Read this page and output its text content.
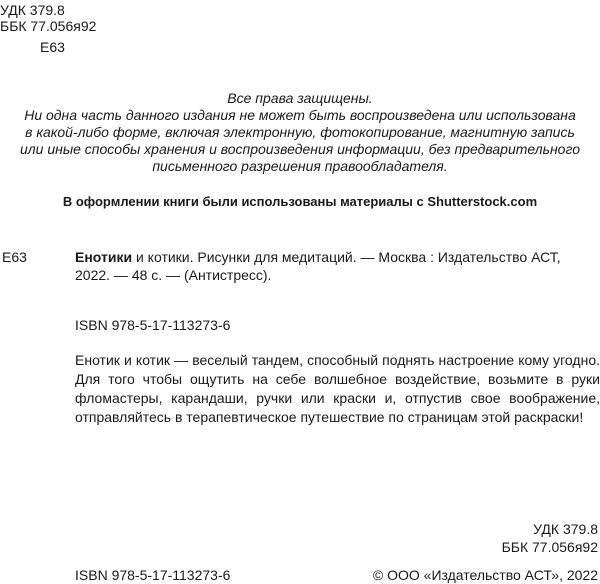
УДК 379.8

ББК 77.056я92

Е63

Все права защищены.
Ни одна часть данного издания не может быть воспроизведена или использована
в какой-либо форме, включая электронную, фотокопирование, магнитную запись
или иные способы хранения и воспроизведения информации, без предварительного
письменного разрешения правообладателя.

В оформлении книги были использованы материалы с Shutterstock.com

Е63	Енотики и котики. Рисунки для медитаций. — Москва : Издательство АСТ,
2022. — 48 с. — (Антистресс).

ISBN 978-5-17-113273-6

Енотик и котик — веселый тандем, способный поднять настроение кому угодно. Для того чтобы ощутить на себе волшебное воздействие, возьмите в руки фломастеры, карандаши, ручки или краски и, отпустив свое воображение, отправляйтесь в терапевтическое путешествие по страницам этой раскраски!

УДК 379.8

ББК 77.056я92

ISBN 978-5-17-113273-6	© ООО «Издательство АСТ», 2022
